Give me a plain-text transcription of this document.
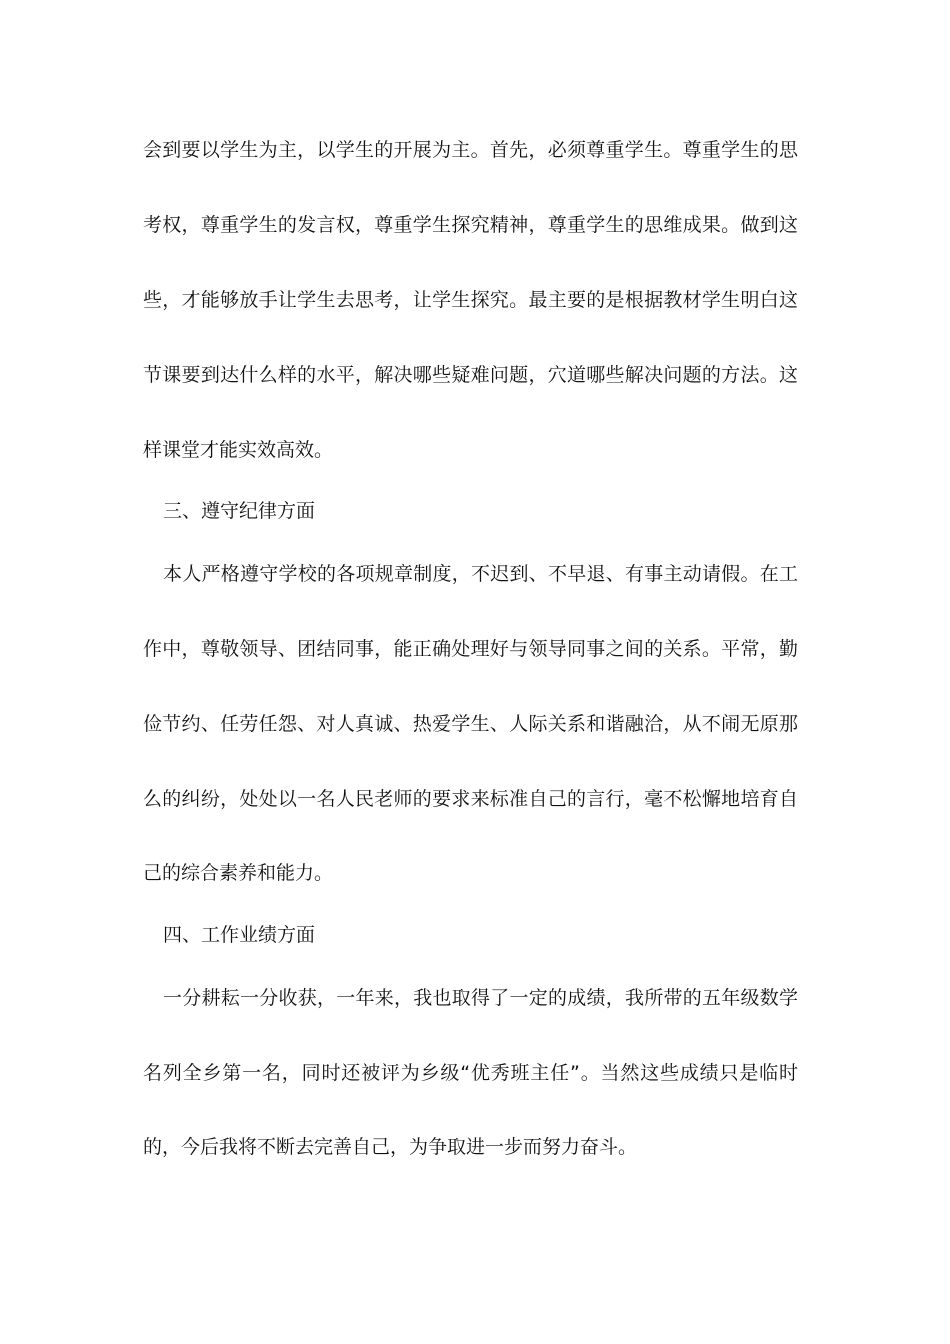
会到要以学生为主，以学生的开展为主。首先，必须尊重学生。尊重学生的思
考权，尊重学生的发言权，尊重学生探究精神，尊重学生的思维成果。做到这
些，才能够放手让学生去思考，让学生探究。最主要的是根据教材学生明白这
节课要到达什么样的水平，解决哪些疑难问题，穴道哪些解决问题的方法。这
样课堂才能实效高效。
三、遵守纪律方面
本人严格遵守学校的各项规章制度，不迟到、不早退、有事主动请假。在工
作中，尊敬领导、团结同事，能正确处理好与领导同事之间的关系。平常，勤
俭节约、任劳任怨、对人真诚、热爱学生、人际关系和谐融洽，从不闹无原那
么的纠纷，处处以一名人民老师的要求来标准自己的言行，毫不松懈地培育自
己的综合素养和能力。
四、工作业绩方面
一分耕耘一分收获，一年来，我也取得了一定的成绩，我所带的五年级数学
名列全乡第一名，同时还被评为乡级“优秀班主任”。当然这些成绩只是临时
的，今后我将不断去完善自己，为争取进一步而努力奋斗。
